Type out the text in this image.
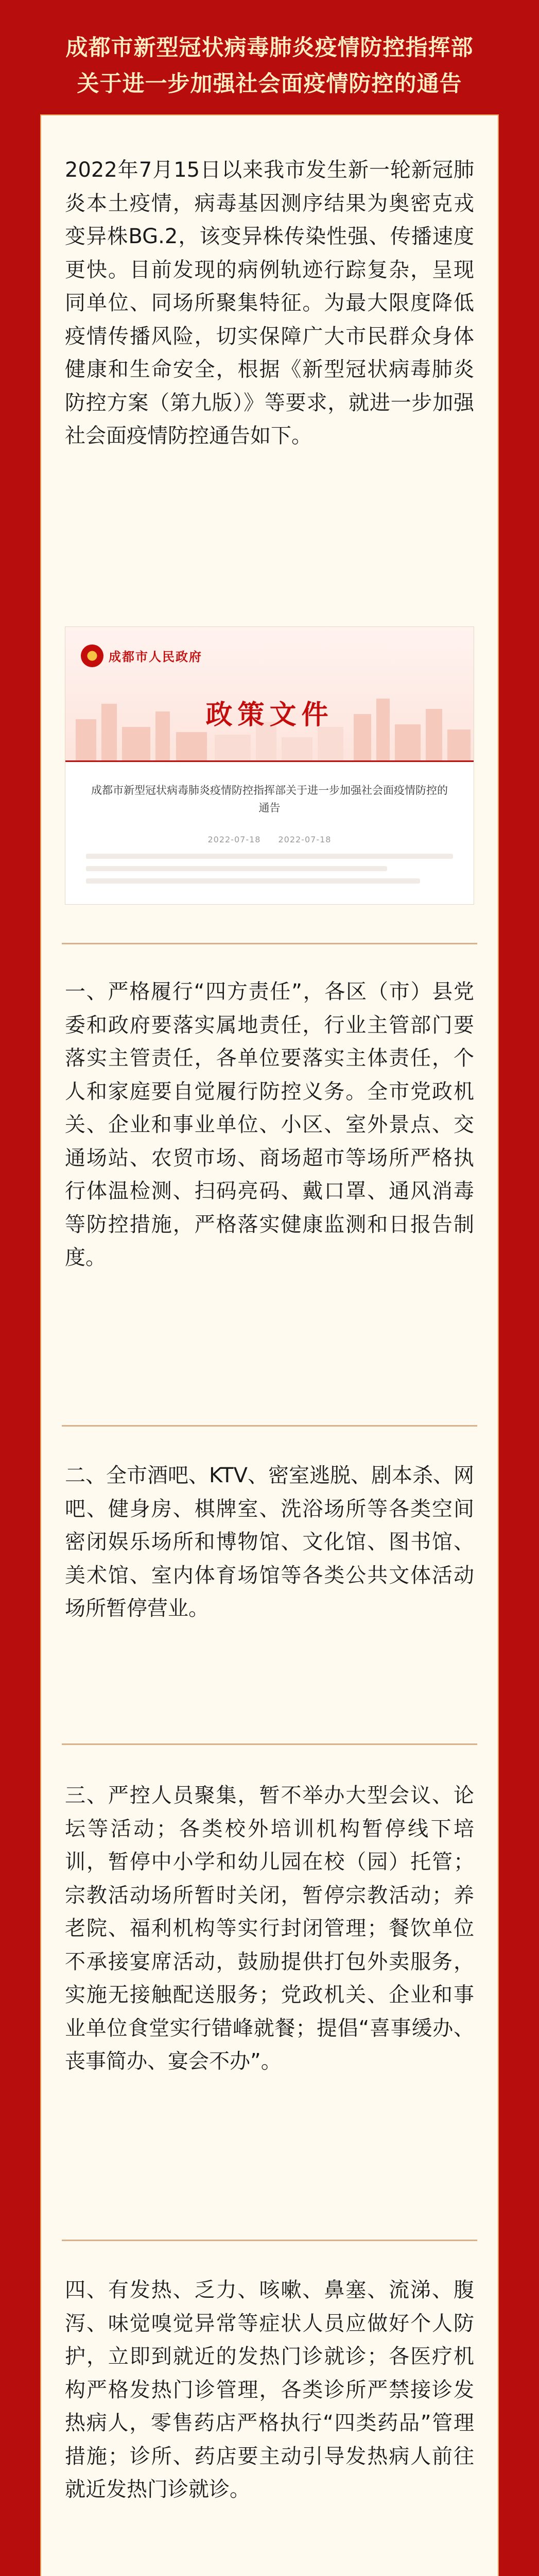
成都市新型冠状病毒肺炎疫情防控指挥部
关于进一步加强社会面疫情防控的通告
2022年7月15日以来我市发生新一轮新冠肺炎本土疫情，病毒基因测序结果为奥密克戎变异株BG.2，该变异株传染性强、传播速度更快。目前发现的病例轨迹行踪复杂，呈现同单位、同场所聚集特征。为最大限度降低疫情传播风险，切实保障广大市民群众身体健康和生命安全，根据《新型冠状病毒肺炎防控方案（第九版）》等要求，就进一步加强社会面疫情防控通告如下。
成都市人民政府
政策文件
成都市新型冠状病毒肺炎疫情防控指挥部关于进一步加强社会面疫情防控的通告
2022-07-18　　2022-07-18
一、严格履行“四方责任”，各区（市）县党委和政府要落实属地责任，行业主管部门要落实主管责任，各单位要落实主体责任，个人和家庭要自觉履行防控义务。全市党政机关、企业和事业单位、小区、室外景点、交通场站、农贸市场、商场超市等场所严格执行体温检测、扫码亮码、戴口罩、通风消毒等防控措施，严格落实健康监测和日报告制度。
二、全市酒吧、KTV、密室逃脱、剧本杀、网吧、健身房、棋牌室、洗浴场所等各类空间密闭娱乐场所和博物馆、文化馆、图书馆、美术馆、室内体育场馆等各类公共文体活动场所暂停营业。
三、严控人员聚集，暂不举办大型会议、论坛等活动；各类校外培训机构暂停线下培训，暂停中小学和幼儿园在校（园）托管；宗教活动场所暂时关闭，暂停宗教活动；养老院、福利机构等实行封闭管理；餐饮单位不承接宴席活动，鼓励提供打包外卖服务，实施无接触配送服务；党政机关、企业和事业单位食堂实行错峰就餐；提倡“喜事缓办、丧事简办、宴会不办”。
四、有发热、乏力、咳嗽、鼻塞、流涕、腹泻、味觉嗅觉异常等症状人员应做好个人防护，立即到就近的发热门诊就诊；各医疗机构严格发热门诊管理，各类诊所严禁接诊发热病人，零售药店严格执行“四类药品”管理措施；诊所、药店要主动引导发热病人前往就近发热门诊就诊。
